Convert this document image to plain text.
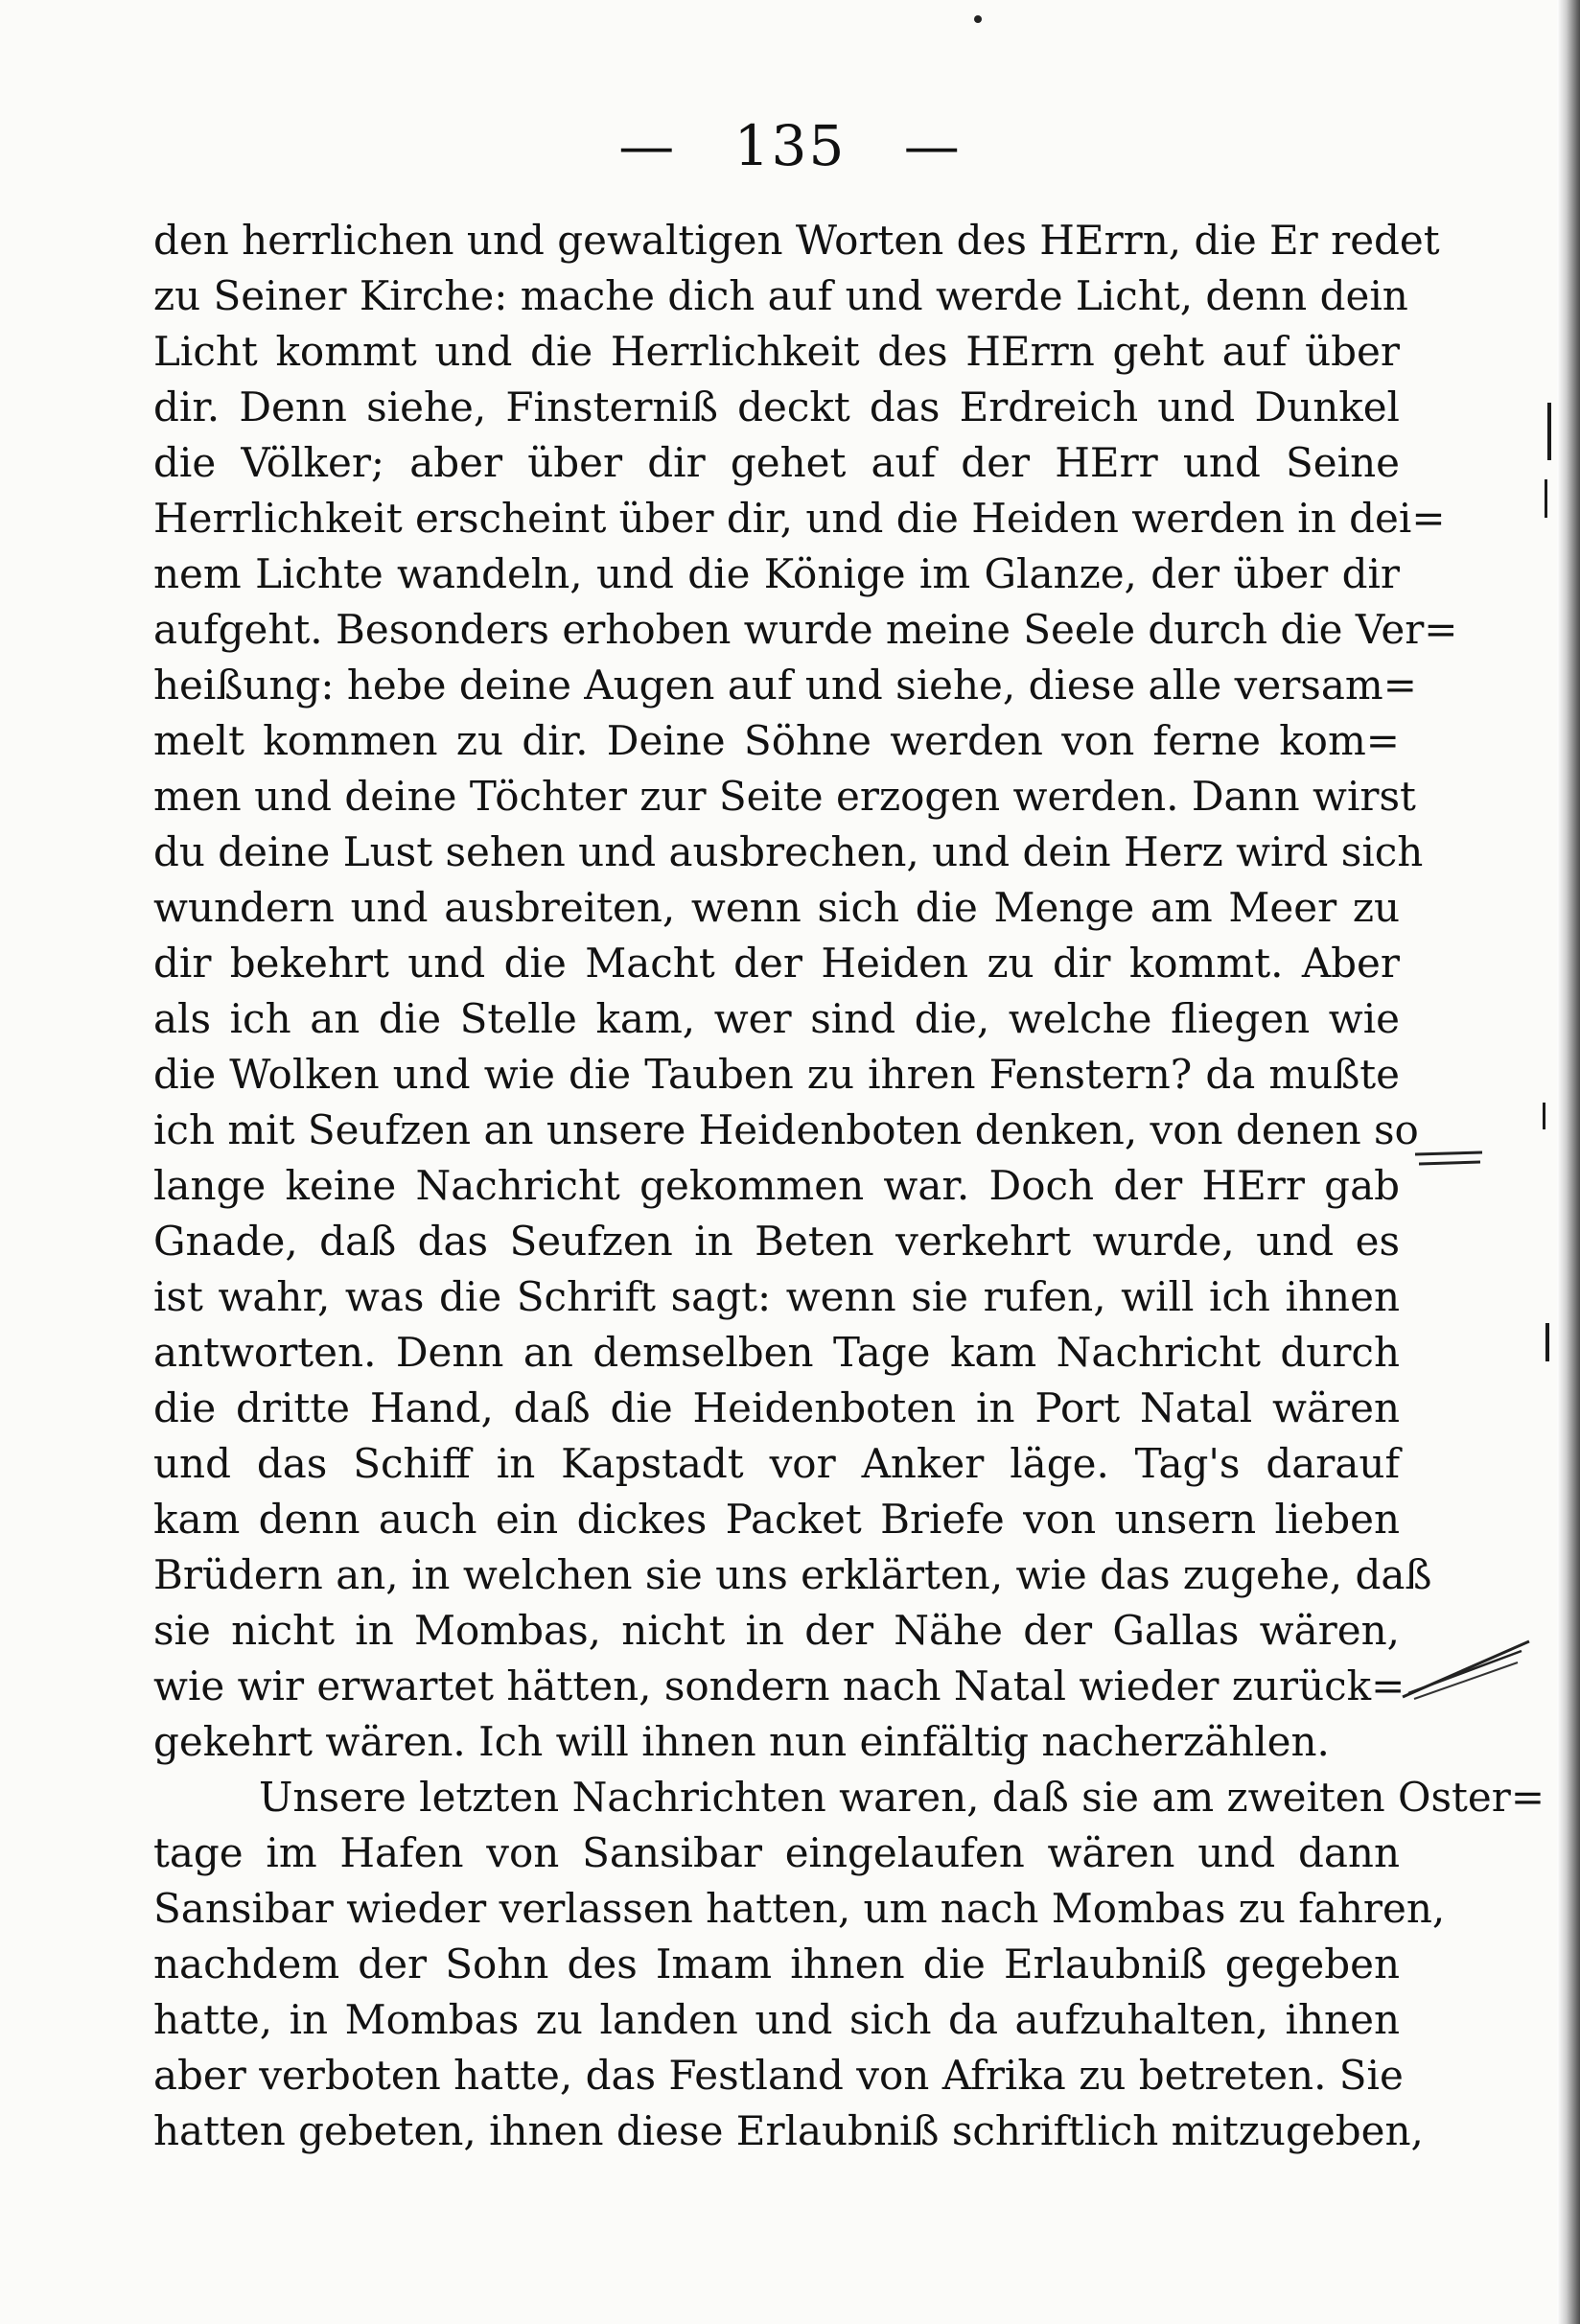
— 135 —
den herrlichen und gewaltigen Worten des HErrn, die Er redet
zu Seiner Kirche: mache dich auf und werde Licht, denn dein
Licht kommt und die Herrlichkeit des HErrn geht auf über
dir. Denn siehe, Finsterniß deckt das Erdreich und Dunkel
die Völker; aber über dir gehet auf der HErr und Seine
Herrlichkeit erscheint über dir, und die Heiden werden in dei=
nem Lichte wandeln, und die Könige im Glanze, der über dir
aufgeht. Besonders erhoben wurde meine Seele durch die Ver=
heißung: hebe deine Augen auf und siehe, diese alle versam=
melt kommen zu dir. Deine Söhne werden von ferne kom=
men und deine Töchter zur Seite erzogen werden. Dann wirst
du deine Lust sehen und ausbrechen, und dein Herz wird sich
wundern und ausbreiten, wenn sich die Menge am Meer zu
dir bekehrt und die Macht der Heiden zu dir kommt. Aber
als ich an die Stelle kam, wer sind die, welche fliegen wie
die Wolken und wie die Tauben zu ihren Fenstern? da mußte
ich mit Seufzen an unsere Heidenboten denken, von denen so
lange keine Nachricht gekommen war. Doch der HErr gab
Gnade, daß das Seufzen in Beten verkehrt wurde, und es
ist wahr, was die Schrift sagt: wenn sie rufen, will ich ihnen
antworten. Denn an demselben Tage kam Nachricht durch
die dritte Hand, daß die Heidenboten in Port Natal wären
und das Schiff in Kapstadt vor Anker läge. Tag's darauf
kam denn auch ein dickes Packet Briefe von unsern lieben
Brüdern an, in welchen sie uns erklärten, wie das zugehe, daß
sie nicht in Mombas, nicht in der Nähe der Gallas wären,
wie wir erwartet hätten, sondern nach Natal wieder zurück=
gekehrt wären. Ich will ihnen nun einfältig nacherzählen.
Unsere letzten Nachrichten waren, daß sie am zweiten Oster=
tage im Hafen von Sansibar eingelaufen wären und dann
Sansibar wieder verlassen hatten, um nach Mombas zu fahren,
nachdem der Sohn des Imam ihnen die Erlaubniß gegeben
hatte, in Mombas zu landen und sich da aufzuhalten, ihnen
aber verboten hatte, das Festland von Afrika zu betreten. Sie
hatten gebeten, ihnen diese Erlaubniß schriftlich mitzugeben,
